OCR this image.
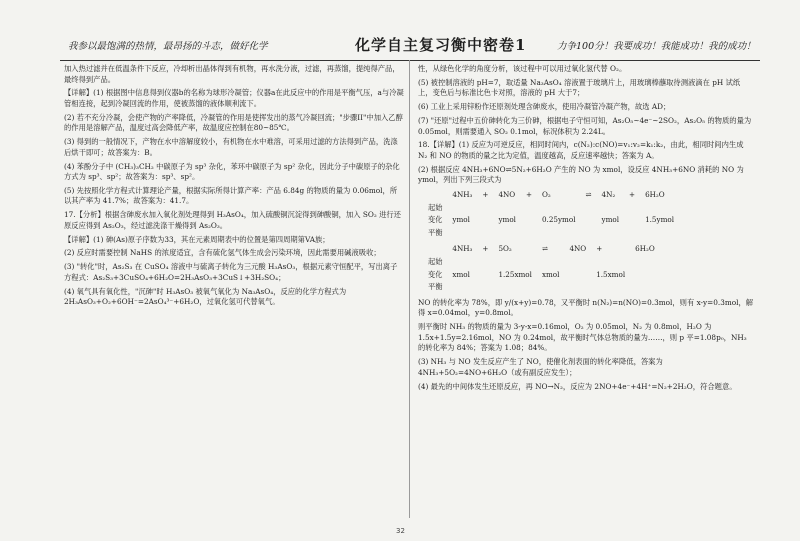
我参以最饱满的热情，最昂扬的斗志，做好化学	化学自主复习衡中密卷1	力争100分！我要成功！我能成功！我的成功！

加入热过滤并在低温条件下反应，冷却析出晶体得到有机物，再水洗分液，过滤，再蒸馏，提纯得产品，最终得到产品。

【详解】(1) 根据图中信息得到仪器b的名称为球形冷凝管；仪器a在此反应中的作用是平衡气压，a与冷凝管相连接，起到冷凝回流的作用，使被蒸馏的液体顺利流下。

(2) 若不充分冷凝，会使产物的产率降低，冷凝管的作用是使挥发出的蒸气冷凝回流；"步骤II"中加入乙醇的作用是溶解产品，温度过高会降低产率，故温度应控制在80~85℃。

(3) 得到的一般情况下，产物在水中溶解度较小，有机物在水中难溶，可采用过滤的方法得到产品，洗涤后烘干即可；故答案为：B。

(4) 苯酚分子中 (CH₃)₃CH₂ 中碳原子为 sp³ 杂化，苯环中碳原子为 sp² 杂化，因此分子中碳原子的杂化方式为 sp³、sp²；故答案为：sp³、sp²。

(5) 先按照化学方程式计算理论产量，根据实际所得计算产率：产品 6.84g 的物质的量为 0.06mol，所以其产率为 41.7%；故答案为：41.7。

17.【分析】根据含砷废水加入氧化剂处理得到 H₃AsO₄，加入硫酸铜沉淀得到砷酸铜，加入 SO₂ 进行还原反应得到 As₂O₃，经过滤洗涤干燥得到 As₂O₃。

【详解】(1) 砷(As)原子序数为33，其在元素周期表中的位置是第四周期第VA族；

(2) 反应时需要控制 NaHS 的浓度适宜，含有硫化氢气体生成会污染环境，因此需要用碱液吸收；

(3) "转化"时，As₂S₃ 在 CuSO₄ 溶液中与硫离子转化为三元酸 H₃AsO₃，根据元素守恒配平，写出离子方程式：As₂S₃+3CuSO₄+6H₂O=2H₃AsO₃+3CuS↓+3H₂SO₄；

(4) 氧气具有氧化性，"沉砷"时 H₃AsO₃ 被氧气氧化为 Na₃AsO₄，反应的化学方程式为 2H₃AsO₃+O₂+6OH⁻=2AsO₄³⁻+6H₂O，过氧化氢可代替氧气。

性，从绿色化学的角度分析，该过程中可以用过氧化氢代替 O₂。

(5) 被控制溶液的 pH=7，取适量 Na₃AsO₄ 溶液置于玻璃片上，用玻璃棒蘸取待测液滴在 pH 试纸上，变色后与标准比色卡对照，溶液的 pH 大于7；

(6) 工业上采用锌粉作还原剂处理含砷废水，使用冷凝管冷凝产物，故选 AD；

(7) "还原"过程中五价砷转化为三价砷，根据电子守恒可知，As₂O₅~4e⁻~2SO₂，As₂O₅ 的物质的量为 0.05mol，则需要通入 SO₂ 0.1mol，标况体积为 2.24L。

18.【详解】(1) 反应为可逆反应，相同时间内，c(N₂):c(NO)=v₁:v₂=k₁:k₂，由此，相同时间内生成 N₂ 和 NO 的物质的量之比为定值，温度越高，反应速率越快；答案为 A。

(2) 根据反应 4NH₃+6NO⇌5N₂+6H₂O 产生的 NO 为 xmol，设反应 4NH₃+6NO 消耗的 NO 为 ymol，列出下列三段式为

	4NH₃	+	4NO	+	O₂	⇌	4N₂	+	6H₂O
起始									
变化	ymol		ymol		0.25ymol		ymol		1.5ymol
平衡									
	4NH₃	+	5O₂	⇌	4NO	+	6H₂O
起始							
变化	xmol		1.25xmol	xmol		1.5xmol	
平衡							

NO 的转化率为 78%，即 y/(x+y)=0.78，又平衡时 n(N₂)=n(NO)=0.3mol，则有 x-y=0.3mol，解得 x=0.04mol，y=0.8mol。

则平衡时 NH₃ 的物质的量为 3-y-x=0.16mol，O₂ 为 0.05mol，N₂ 为 0.8mol，H₂O 为 1.5x+1.5y=2.16mol，NO 为 0.24mol，故平衡时气体总物质的量为……，则 p 平=1.08p₀，NH₃ 的转化率为 84%；答案为 1.08；84%。

(3) NH₃ 与 NO 发生反应产生了 NO，使催化剂表面的转化率降低，答案为 4NH₃+5O₂=4NO+6H₂O（或有副反应发生）；

(4) 最先的中间体发生还原反应，再 NO→N₂，反应为 2NO+4e⁻+4H⁺=N₂+2H₂O，符合题意。

32
